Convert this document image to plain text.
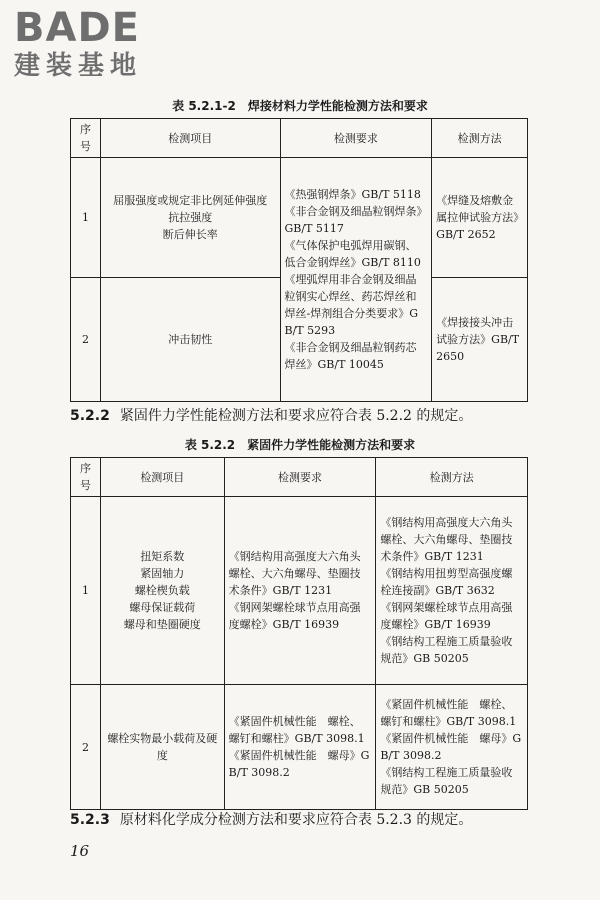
BADE
建装基地
表 5.2.1-2　焊接材料力学性能检测方法和要求
序号	检测项目	检测要求	检测方法
1	屈服强度或规定非比例延伸强度
抗拉强度
断后伸长率	《热强钢焊条》GB/T 5118
《非合金钢及细晶粒钢焊条》GB/T 5117
《气体保护电弧焊用碳钢、低合金钢焊丝》GB/T 8110
《埋弧焊用非合金钢及细晶粒钢实心焊丝、药芯焊丝和焊丝-焊剂组合分类要求》GB/T 5293
《非合金钢及细晶粒钢药芯焊丝》GB/T 10045	《焊缝及熔敷金属拉伸试验方法》GB/T 2652
2	冲击韧性		《焊接接头冲击试验方法》GB/T 2650
5.2.2 紧固件力学性能检测方法和要求应符合表 5.2.2 的规定。
表 5.2.2　紧固件力学性能检测方法和要求
序号	检测项目	检测要求	检测方法
1	扭矩系数
紧固轴力
螺栓楔负载
螺母保证载荷
螺母和垫圈硬度	《钢结构用高强度大六角头螺栓、大六角螺母、垫圈技术条件》GB/T 1231
《钢网架螺栓球节点用高强度螺栓》GB/T 16939	《钢结构用高强度大六角头螺栓、大六角螺母、垫圈技术条件》GB/T 1231
《钢结构用扭剪型高强度螺栓连接副》GB/T 3632
《钢网架螺栓球节点用高强度螺栓》GB/T 16939
《钢结构工程施工质量验收规范》GB 50205

2	螺栓实物最小载荷及硬度	《紧固件机械性能　螺栓、螺钉和螺柱》GB/T 3098.1
《紧固件机械性能　螺母》GB/T 3098.2	《紧固件机械性能　螺栓、螺钉和螺柱》GB/T 3098.1
《紧固件机械性能　螺母》GB/T 3098.2
《钢结构工程施工质量验收规范》GB 50205
5.2.3 原材料化学成分检测方法和要求应符合表 5.2.3 的规定。
16
